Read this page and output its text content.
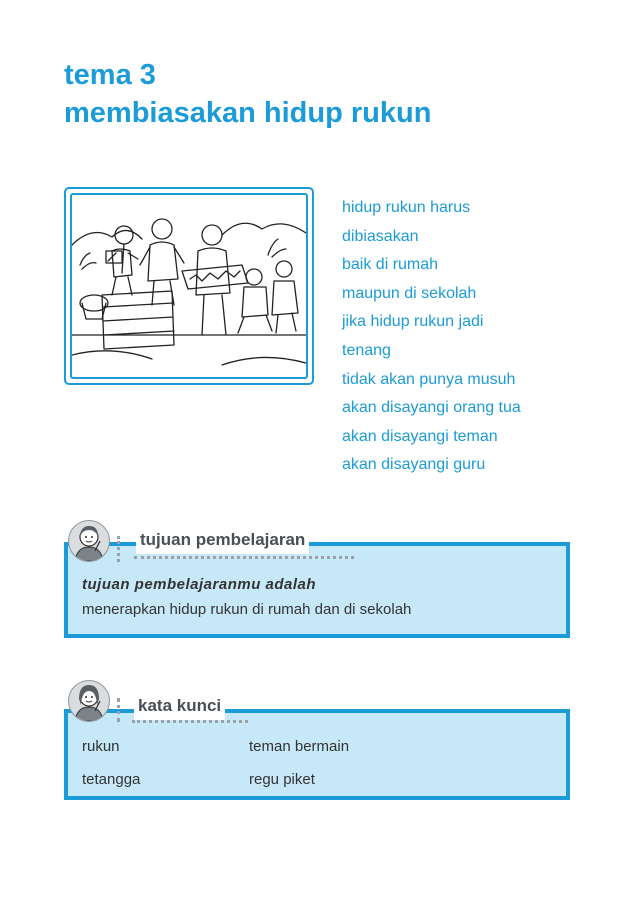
tema 3
membiasakan hidup rukun
hidup rukun harus
dibiasakan
baik di rumah
maupun di sekolah
jika hidup rukun jadi
tenang
tidak akan punya musuh
akan disayangi orang tua
akan disayangi teman
akan disayangi guru
tujuan pembelajaran
tujuan pembelajaranmu adalah
menerapkan hidup rukun di rumah dan di sekolah
kata kunci
rukun	teman bermain
tetangga	regu piket
